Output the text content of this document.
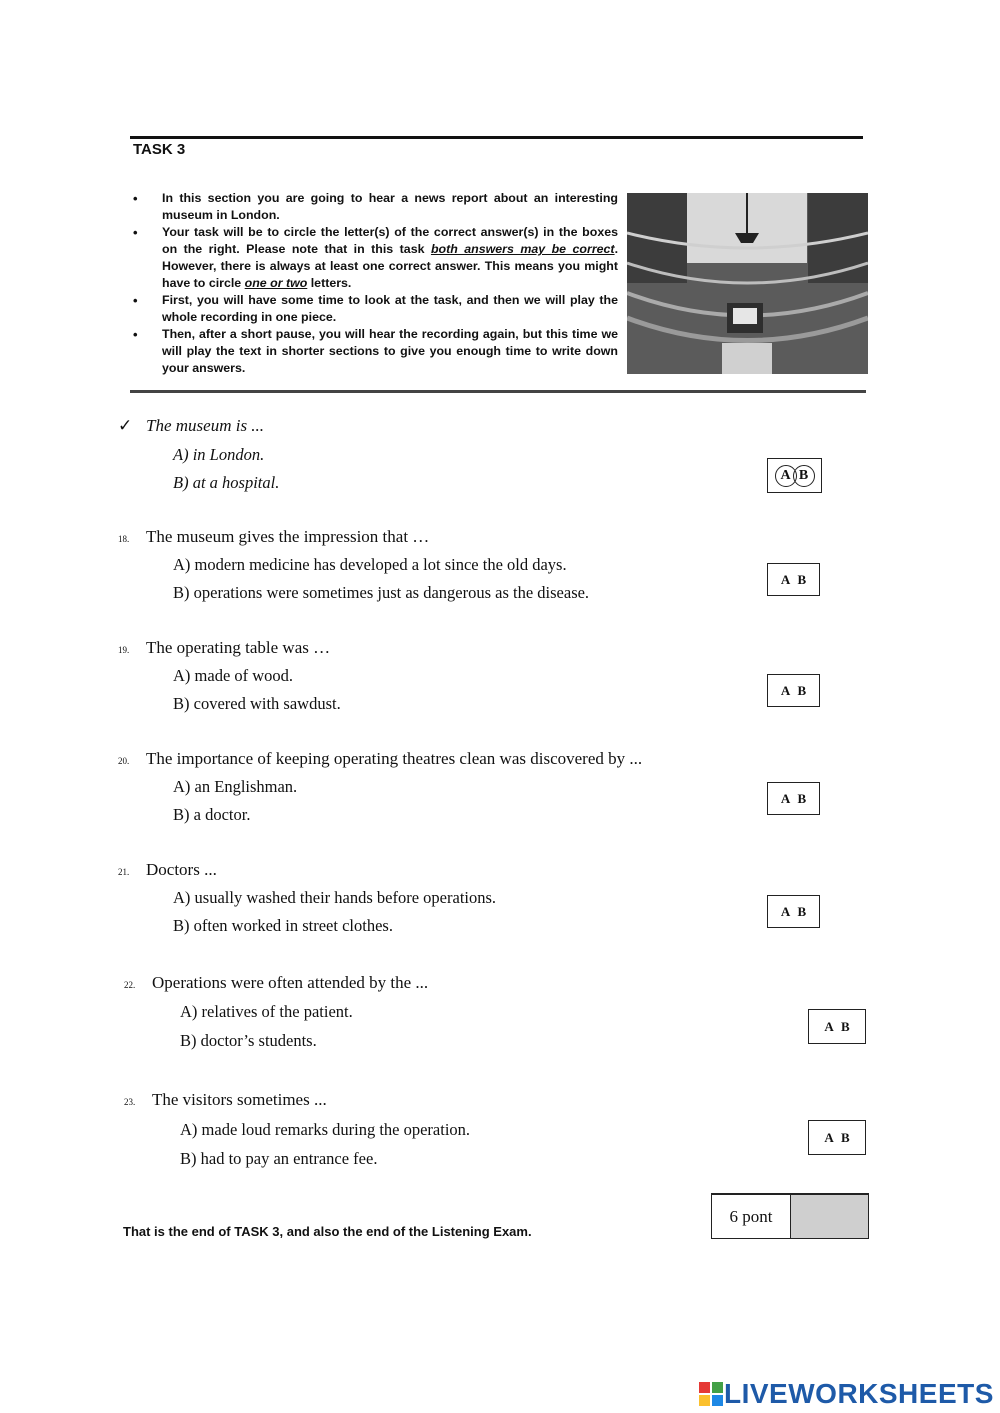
TASK 3
• In this section you are going to hear a news report about an interesting museum in London.
• Your task will be to circle the letter(s) of the correct answer(s) in the boxes on the right. Please note that in this task both answers may be correct. However, there is always at least one correct answer. This means you might have to circle one or two letters.
• First, you will have some time to look at the task, and then we will play the whole recording in one piece.
• Then, after a short pause, you will hear the recording again, but this time we will play the text in shorter sections to give you enough time to write down your answers.
✓ The museum is ...
A) in London.
B) at a hospital.	A B
18. The museum gives the impression that …
A) modern medicine has developed a lot since the old days.
B) operations were sometimes just as dangerous as the disease.
A
B
19. The operating table was …
A) made of wood.
B) covered with sawdust.
A
B
20. The importance of keeping operating theatres clean was discovered by ...
A) an Englishman.
B) a doctor.
A
B
21. Doctors ...
A) usually washed their hands before operations.
B) often worked in street clothes.
A
B
22. Operations were often attended by the ...
A) relatives of the patient.
B) doctor’s students.
A
B
23. The visitors sometimes ...
A) made loud remarks during the operation.
B) had to pay an entrance fee.
A
B
That is the end of TASK 3, and also the end of the Listening Exam.
6 pont
LIVEWORKSHEETS
